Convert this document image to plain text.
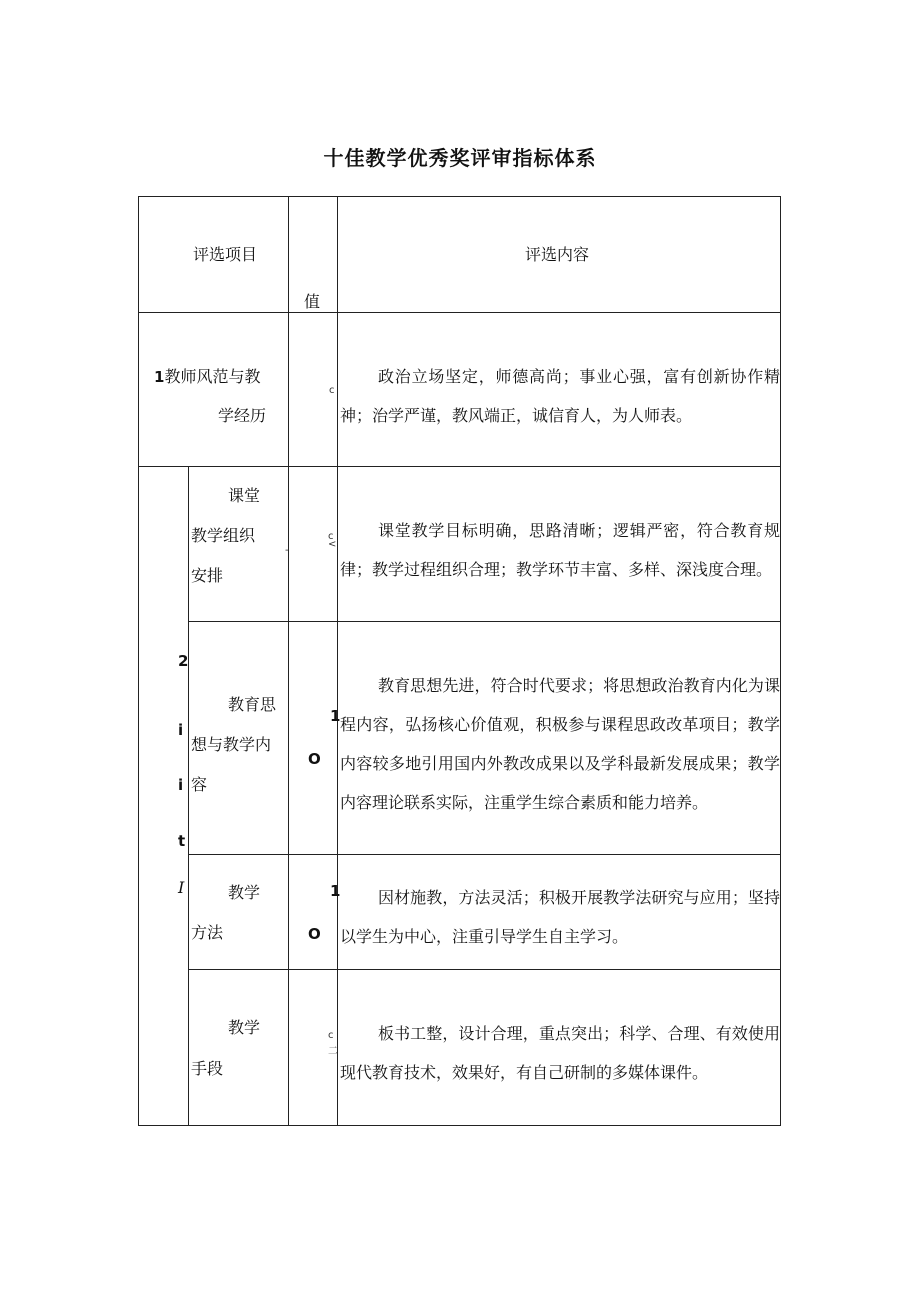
十佳教学优秀奖评审指标体系
评选项目
值
评选内容
1教师风范与教
学经历
c
政治立场坚定，师德高尚；事业心强，富有创新协作精神；治学严谨，教风端正，诚信育人，为人师表。
2
i
i
t
I
课堂
教学组织
安排
-
c
<
课堂教学目标明确，思路清晰；逻辑严密，符合教育规律；教学过程组织合理；教学环节丰富、多样、深浅度合理。
教育思
想与教学内
容
1
O
教育思想先进，符合时代要求；将思想政治教育内化为课程内容，弘扬核心价值观，积极参与课程思政改革项目；教学内容较多地引用国内外教改成果以及学科最新发展成果；教学内容理论联系实际，注重学生综合素质和能力培养。
教学
方法
1
O
因材施教，方法灵活；积极开展教学法研究与应用；坚持以学生为中心，注重引导学生自主学习。
教学
手段
c
二
板书工整，设计合理，重点突出；科学、合理、有效使用现代教育技术，效果好，有自己研制的多媒体课件。
